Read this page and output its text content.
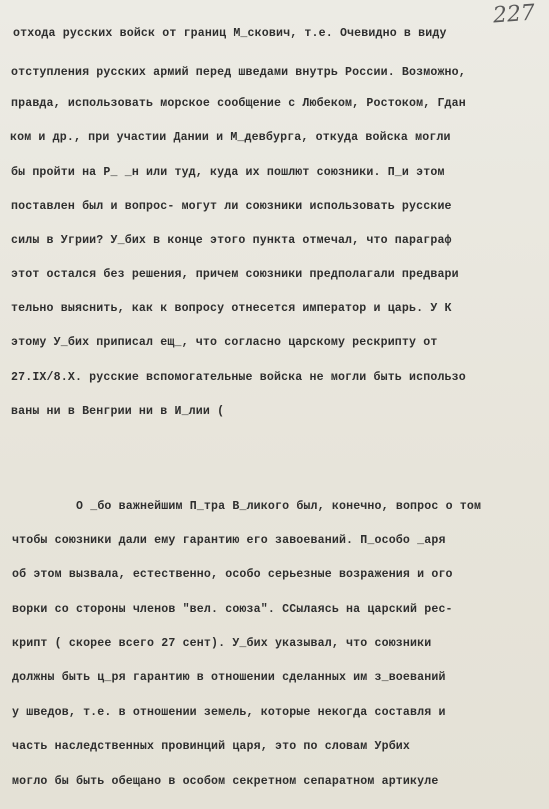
227
отхода русских войск от границ М_скович, т.е. Очевидно в виду
отступления русских армий перед шведами внутрь России. Возможно,
правда, использовать морское сообщение с Любеком, Ростоком, Гдан
ком и др., при участии Дании и М_девбурга, откуда войска могли
бы пройти на Р_ _н или туд, куда их пошлют союзники. П_и этом
поставлен был и вопрос- могут ли союзники использовать русские
силы в Угрии? У_бих в конце этого пункта отмечал, что параграф
этот остался без решения, причем союзники предполагали предвари
тельно выяснить, как к вопросу отнесется император и царь. У К
этому У_бих приписал ещ_, что согласно царскому рескрипту от
27.IX/8.X. русские вспомогательные войска не могли быть использо
ваны ни в Венгрии ни в И_лии (
О _бо важнейшим П_тра В_ликого был, конечно, вопрос о том
чтобы союзники дали ему гарантию его завоеваний. П_особо _аря
об этом вызвала, естественно, особо серьезные возражения и ого
ворки со стороны членов "вел. союза". ССылаясь на царский рес-
крипт ( скорее всего 27 сент). У_бих указывал, что союзники
должны быть ц_ря гарантию в отношении сделанных им з_воеваний
у шведов, т.е. в отношении земель, которые некогда составля и
часть наследственных провинций царя, это по словам Урбих
могло бы быть обещано в особом секретном сепаратном артикуле
